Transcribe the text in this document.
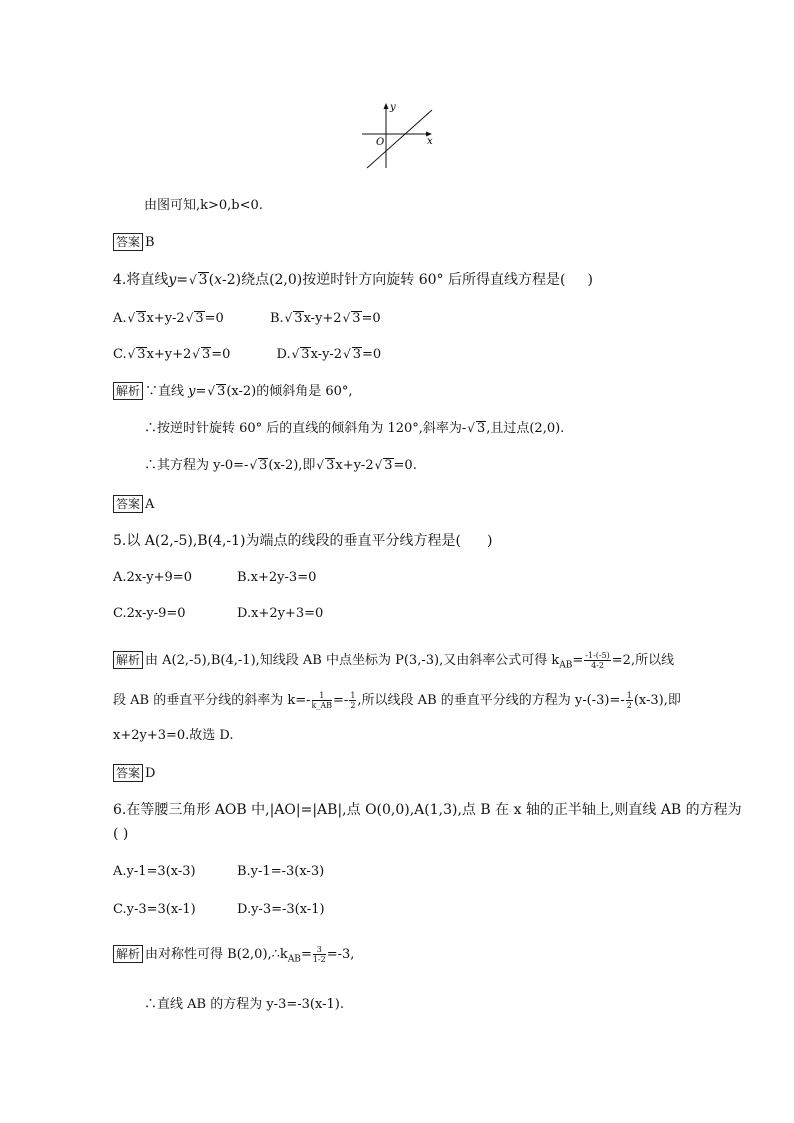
y
x
O
由图可知,k>0,b<0.
答案 B
4.将直线y=√ 3(x-2)绕点(2,0)按逆时针方向旋转 60° 后所得直线方程是( )
A.√ 3x+y-2√ 3=0	B.√ 3x-y+2√ 3=0
C.√ 3x+y+2√ 3=0	D.√ 3x-y-2√ 3=0
解析 ∵直线 y=√ 3(x-2)的倾斜角是 60°,
∴按逆时针旋转 60° 后的直线的倾斜角为 120°,斜率为-√ 3,且过点(2,0).
∴其方程为 y-0=-√ 3(x-2),即√ 3x+y-2√ 3=0.
答案 A
5.以 A(2,-5),B(4,-1)为端点的线段的垂直平分线方程是( )
A.2x-y+9=0	B.x+2y-3=0
C.2x-y-9=0	D.x+2y+3=0
解析 由 A(2,-5),B(4,-1),知线段 AB 中点坐标为 P(3,-3),又由斜率公式可得 $k_{AB}= \frac{-1-(-5)}{4-2} =2$,所以线
段 AB 的垂直平分线的斜率为 $k=- \frac{1}{k\_AB} =- \frac{1}{2}$ ,所以线段 AB 的垂直平分线的方程为 $y-(-3)=- \frac{1}{2} (x-3)$,即
x+2y+3=0.故选 D.
答案 D
6.在等腰三角形 AOB 中,|AO|=|AB|,点 O(0,0),A(1,3),点 B 在 x 轴的正半轴上,则直线 AB 的方程为
( )
A.y-1=3(x-3)	B.y-1=-3(x-3)
C.y-3=3(x-1)	D.y-3=-3(x-1)
解析 由对称性可得 $B(2,0),\therefore k_{AB}= \frac{3}{1-2} =-3$,
∴直线 AB 的方程为 y-3=-3(x-1).
